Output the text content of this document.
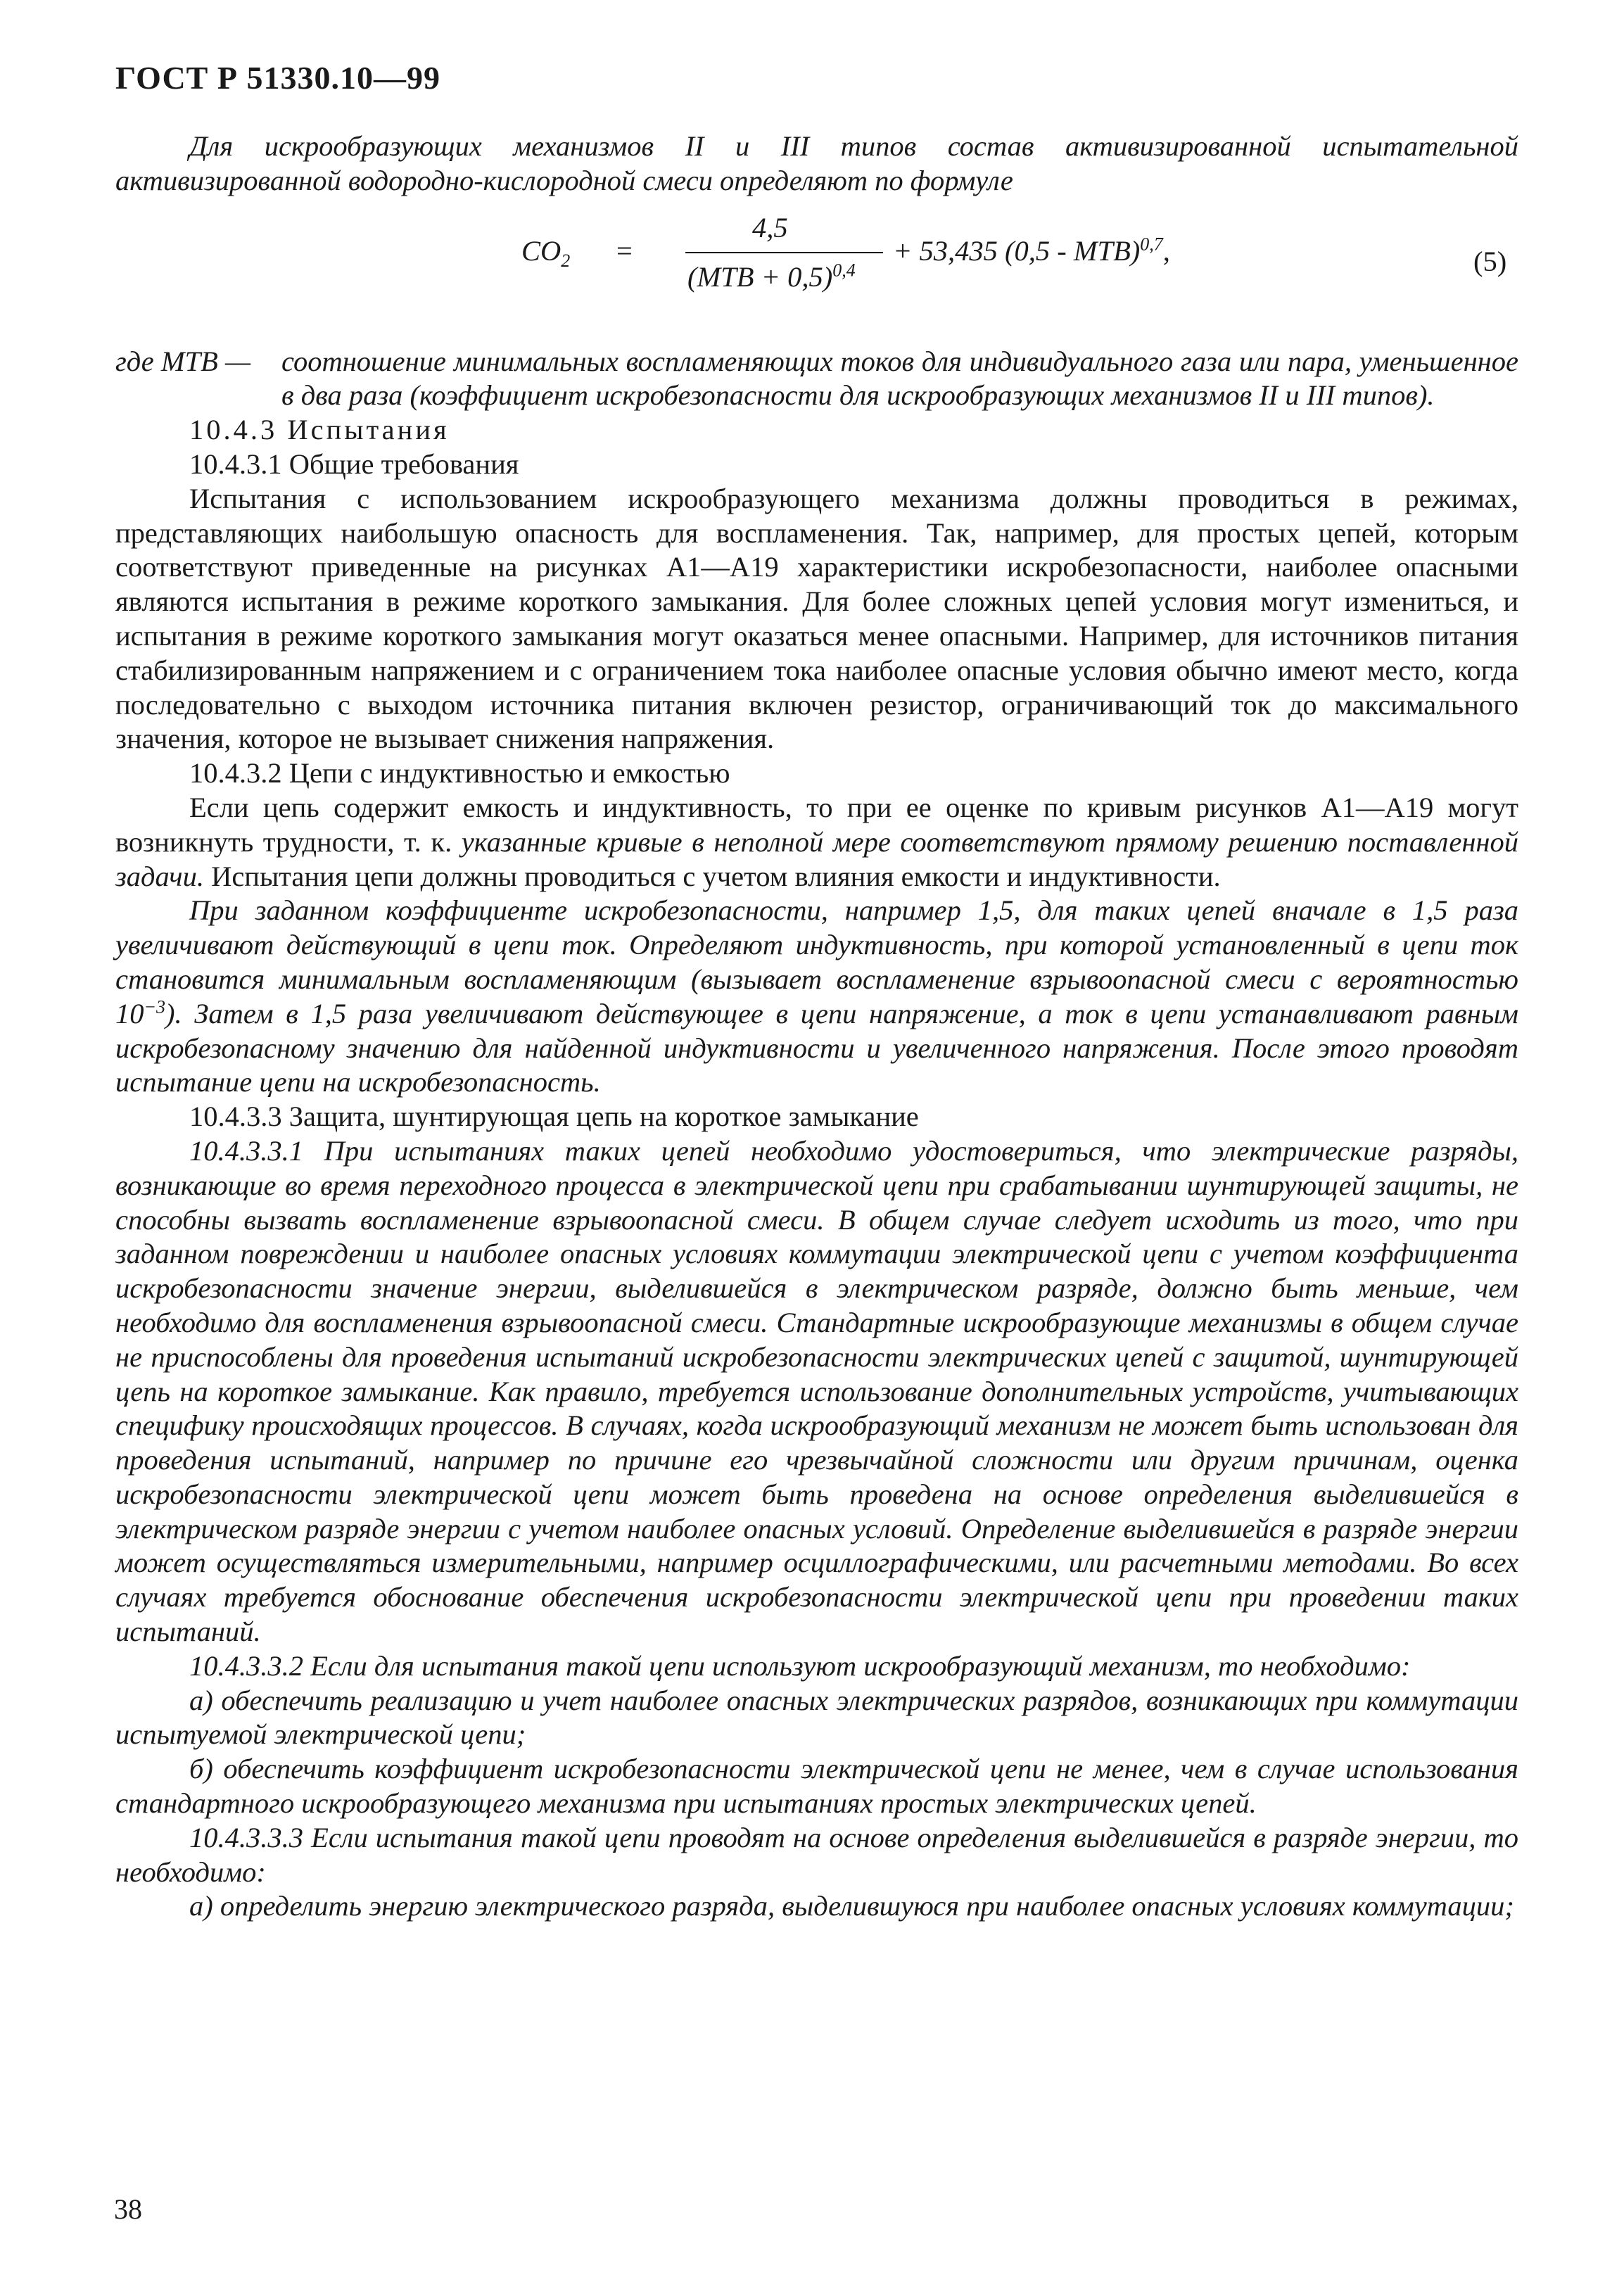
ГОСТ Р 51330.10—99

Для искрообразующих механизмов II и III типов состав активизированной испытательной активизированной водородно-кислородной смеси определяют по формуле

$CO_2$ =
4,5
(MTB + 0,5)$^{0,4}$
+ 53,435 (0,5 - MTB)$^{0,7}$,	(5)
где MTB —	соотношение минимальных воспламеняющих токов для индивидуального газа или пара, уменьшенное в два раза (коэффициент искробезопасности для искрообразующих механизмов II и III типов).

10.4.3 Испытания

10.4.3.1 Общие требования

Испытания с использованием искрообразующего механизма должны проводиться в режимах, представляющих наибольшую опасность для воспламенения. Так, например, для простых цепей, которым соответствуют приведенные на рисунках А1—А19 характеристики искробезопасности, наиболее опасными являются испытания в режиме короткого замыкания. Для более сложных цепей условия могут измениться, и испытания в режиме короткого замыкания могут оказаться менее опасными. Например, для источников питания стабилизированным напряжением и с ограничением тока наиболее опасные условия обычно имеют место, когда последовательно с выходом источника питания включен резистор, ограничивающий ток до максимального значения, которое не вызывает снижения напряжения.

10.4.3.2 Цепи с индуктивностью и емкостью

Если цепь содержит емкость и индуктивность, то при ее оценке по кривым рисунков А1—А19 могут возникнуть трудности, т. к. указанные кривые в неполной мере соответствуют прямому решению поставленной задачи. Испытания цепи должны проводиться с учетом влияния емкости и индуктивности.

При заданном коэффициенте искробезопасности, например 1,5, для таких цепей вначале в 1,5 раза увеличивают действующий в цепи ток. Определяют индуктивность, при которой установленный в цепи ток становится минимальным воспламеняющим (вызывает воспламенение взрывоопасной смеси с вероятностью $10^{-3}$). Затем в 1,5 раза увеличивают действующее в цепи напряжение, а ток в цепи устанавливают равным искробезопасному значению для найденной индуктивности и увеличенного напряжения. После этого проводят испытание цепи на искробезопасность.

10.4.3.3 Защита, шунтирующая цепь на короткое замыкание

10.4.3.3.1 При испытаниях таких цепей необходимо удостовериться, что электрические разряды, возникающие во время переходного процесса в электрической цепи при срабатывании шунтирующей защиты, не способны вызвать воспламенение взрывоопасной смеси. В общем случае следует исходить из того, что при заданном повреждении и наиболее опасных условиях коммутации электрической цепи с учетом коэффициента искробезопасности значение энергии, выделившейся в электрическом разряде, должно быть меньше, чем необходимо для воспламенения взрывоопасной смеси. Стандартные искрообразующие механизмы в общем случае не приспособлены для проведения испытаний искробезопасности электрических цепей с защитой, шунтирующей цепь на короткое замыкание. Как правило, требуется использование дополнительных устройств, учитывающих специфику происходящих процессов. В случаях, когда искрообразующий механизм не может быть использован для проведения испытаний, например по причине его чрезвычайной сложности или другим причинам, оценка искробезопасности электрической цепи может быть проведена на основе определения выделившейся в электрическом разряде энергии с учетом наиболее опасных условий. Определение выделившейся в разряде энергии может осуществляться измерительными, например осциллографическими, или расчетными методами. Во всех случаях требуется обоснование обеспечения искробезопасности электрической цепи при проведении таких испытаний.

10.4.3.3.2 Если для испытания такой цепи используют искрообразующий механизм, то необходимо:

а) обеспечить реализацию и учет наиболее опасных электрических разрядов, возникающих при коммутации испытуемой электрической цепи;

б) обеспечить коэффициент искробезопасности электрической цепи не менее, чем в случае использования стандартного искрообразующего механизма при испытаниях простых электрических цепей.

10.4.3.3.3 Если испытания такой цепи проводят на основе определения выделившейся в разряде энергии, то необходимо:

а) определить энергию электрического разряда, выделившуюся при наиболее опасных условиях коммутации;

38
